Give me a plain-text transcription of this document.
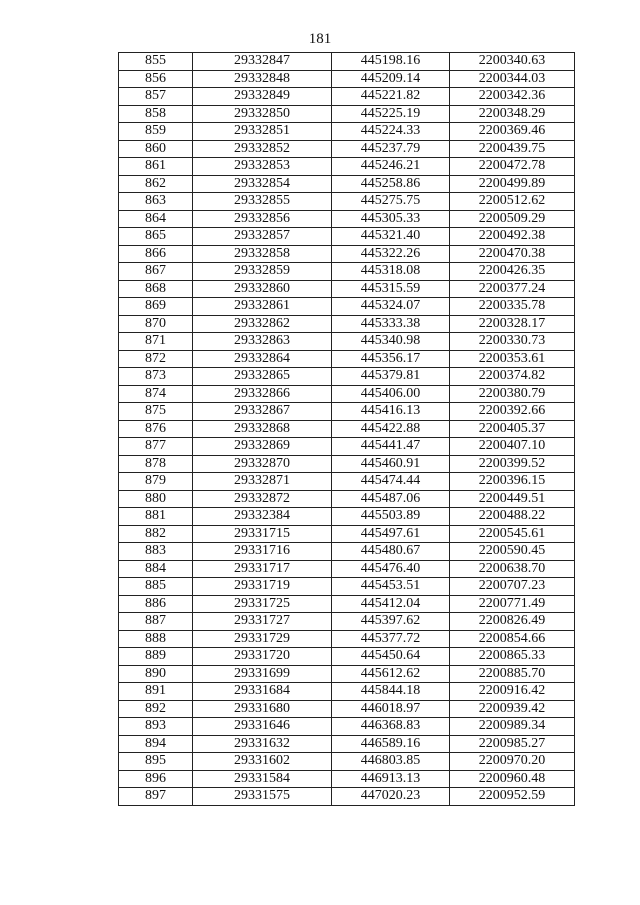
181
855	29332847	445198.16	2200340.63
856	29332848	445209.14	2200344.03
857	29332849	445221.82	2200342.36
858	29332850	445225.19	2200348.29
859	29332851	445224.33	2200369.46
860	29332852	445237.79	2200439.75
861	29332853	445246.21	2200472.78
862	29332854	445258.86	2200499.89
863	29332855	445275.75	2200512.62
864	29332856	445305.33	2200509.29
865	29332857	445321.40	2200492.38
866	29332858	445322.26	2200470.38
867	29332859	445318.08	2200426.35
868	29332860	445315.59	2200377.24
869	29332861	445324.07	2200335.78
870	29332862	445333.38	2200328.17
871	29332863	445340.98	2200330.73
872	29332864	445356.17	2200353.61
873	29332865	445379.81	2200374.82
874	29332866	445406.00	2200380.79
875	29332867	445416.13	2200392.66
876	29332868	445422.88	2200405.37
877	29332869	445441.47	2200407.10
878	29332870	445460.91	2200399.52
879	29332871	445474.44	2200396.15
880	29332872	445487.06	2200449.51
881	29332384	445503.89	2200488.22
882	29331715	445497.61	2200545.61
883	29331716	445480.67	2200590.45
884	29331717	445476.40	2200638.70
885	29331719	445453.51	2200707.23
886	29331725	445412.04	2200771.49
887	29331727	445397.62	2200826.49
888	29331729	445377.72	2200854.66
889	29331720	445450.64	2200865.33
890	29331699	445612.62	2200885.70
891	29331684	445844.18	2200916.42
892	29331680	446018.97	2200939.42
893	29331646	446368.83	2200989.34
894	29331632	446589.16	2200985.27
895	29331602	446803.85	2200970.20
896	29331584	446913.13	2200960.48
897	29331575	447020.23	2200952.59
